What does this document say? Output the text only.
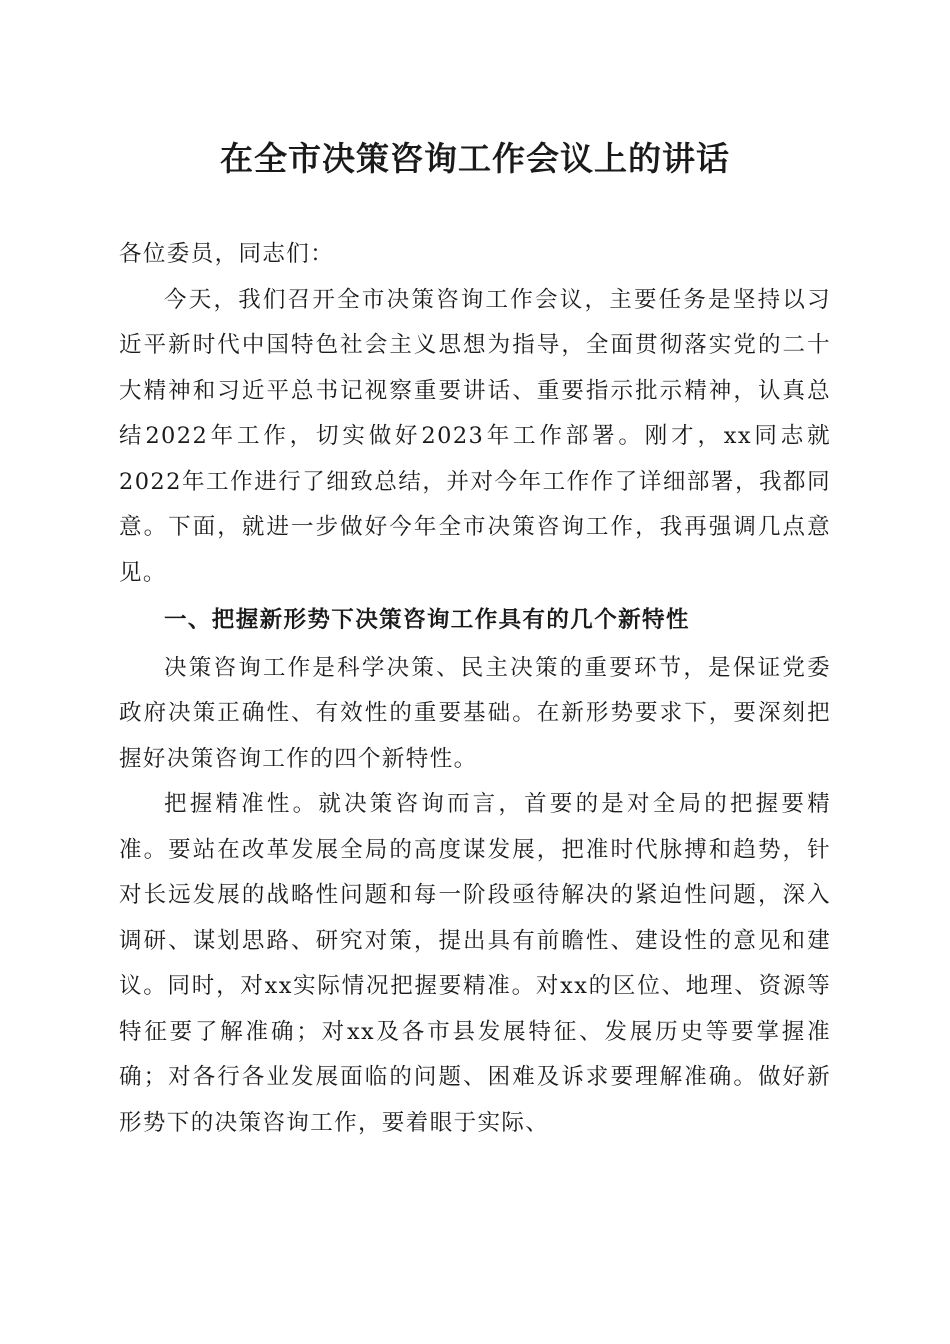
在全市决策咨询工作会议上的讲话

各位委员，同志们：

今天，我们召开全市决策咨询工作会议，主要任务是坚持以习近平新时代中国特色社会主义思想为指导，全面贯彻落实党的二十大精神和习近平总书记视察重要讲话、重要指示批示精神，认真总结2022年工作，切实做好2023年工作部署。刚才，xx同志就2022年工作进行了细致总结，并对今年工作作了详细部署，我都同意。下面，就进一步做好今年全市决策咨询工作，我再强调几点意见。

一、把握新形势下决策咨询工作具有的几个新特性

决策咨询工作是科学决策、民主决策的重要环节，是保证党委政府决策正确性、有效性的重要基础。在新形势要求下，要深刻把握好决策咨询工作的四个新特性。

把握精准性。就决策咨询而言，首要的是对全局的把握要精准。要站在改革发展全局的高度谋发展，把准时代脉搏和趋势，针对长远发展的战略性问题和每一阶段亟待解决的紧迫性问题，深入调研、谋划思路、研究对策，提出具有前瞻性、建设性的意见和建议。同时，对xx实际情况把握要精准。对xx的区位、地理、资源等特征要了解准确；对xx及各市县发展特征、发展历史等要掌握准确；对各行各业发展面临的问题、困难及诉求要理解准确。做好新形势下的决策咨询工作，要着眼于实际、
